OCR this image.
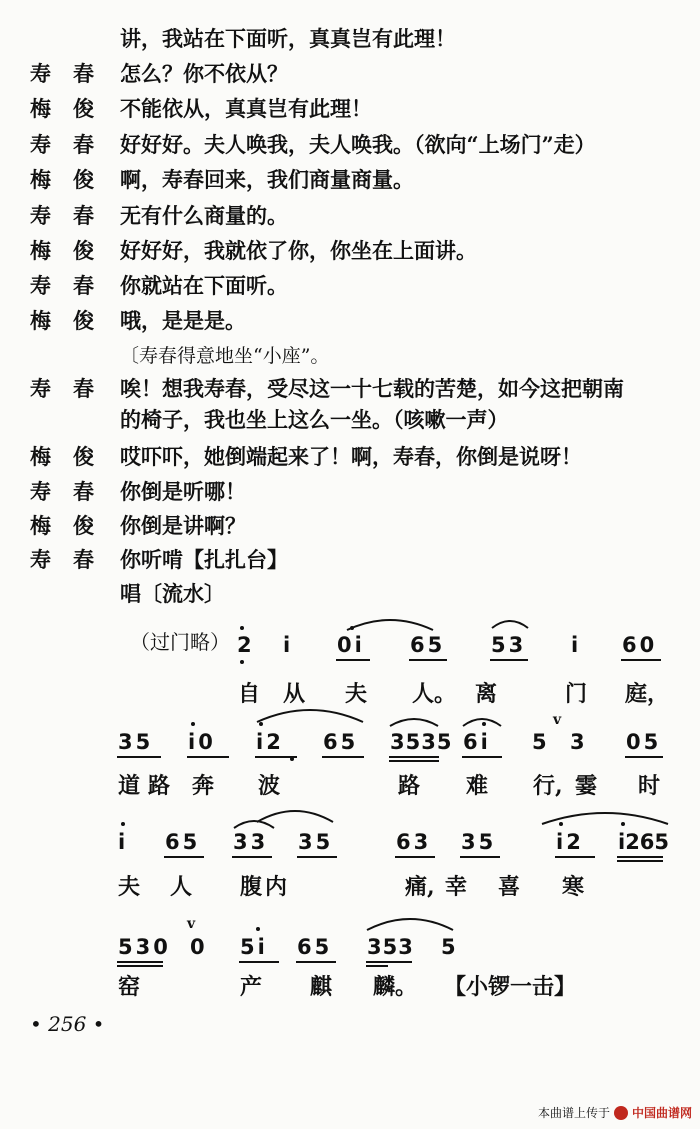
讲，我站在下面听，真真岂有此理！
寿春 怎么？你不依从？
梅俊 不能依从，真真岂有此理！
寿春 好好好。夫人唤我，夫人唤我。（欲向“上场门”走）
梅俊 啊，寿春回来，我们商量商量。
寿春 无有什么商量的。
梅俊 好好好，我就依了你，你坐在上面讲。
寿春 你就站在下面听。
梅俊 哦，是是是。
〔寿春得意地坐“小座”。
寿春 唉！想我寿春，受尽这一十七载的苦楚，如今这把朝南
的椅子，我也坐上这么一坐。（咳嗽一声）
梅俊 哎吓吓，她倒端起来了！啊，寿春，你倒是说呀！
寿春 你倒是听哪！
梅俊 你倒是讲啊？
寿春 你听啃【扎扎台】
唱〔流水〕
（过门略） 2 i 0i 65 53 i 60
自 从 夫 人。 离	门 庭，
35 i0 i2 65 3535 6i 5 3 05
v
道 路 奔 波	路 难 行, 霎 时
i 65 33 35	63 35	i2 i265
夫 人 腹 内	痛, 幸 喜 寒
v
530 0 5i 65 353 5
窑	产 麒 麟。 【小锣一击】
• 256 •
本曲谱上传于 中国曲谱网
